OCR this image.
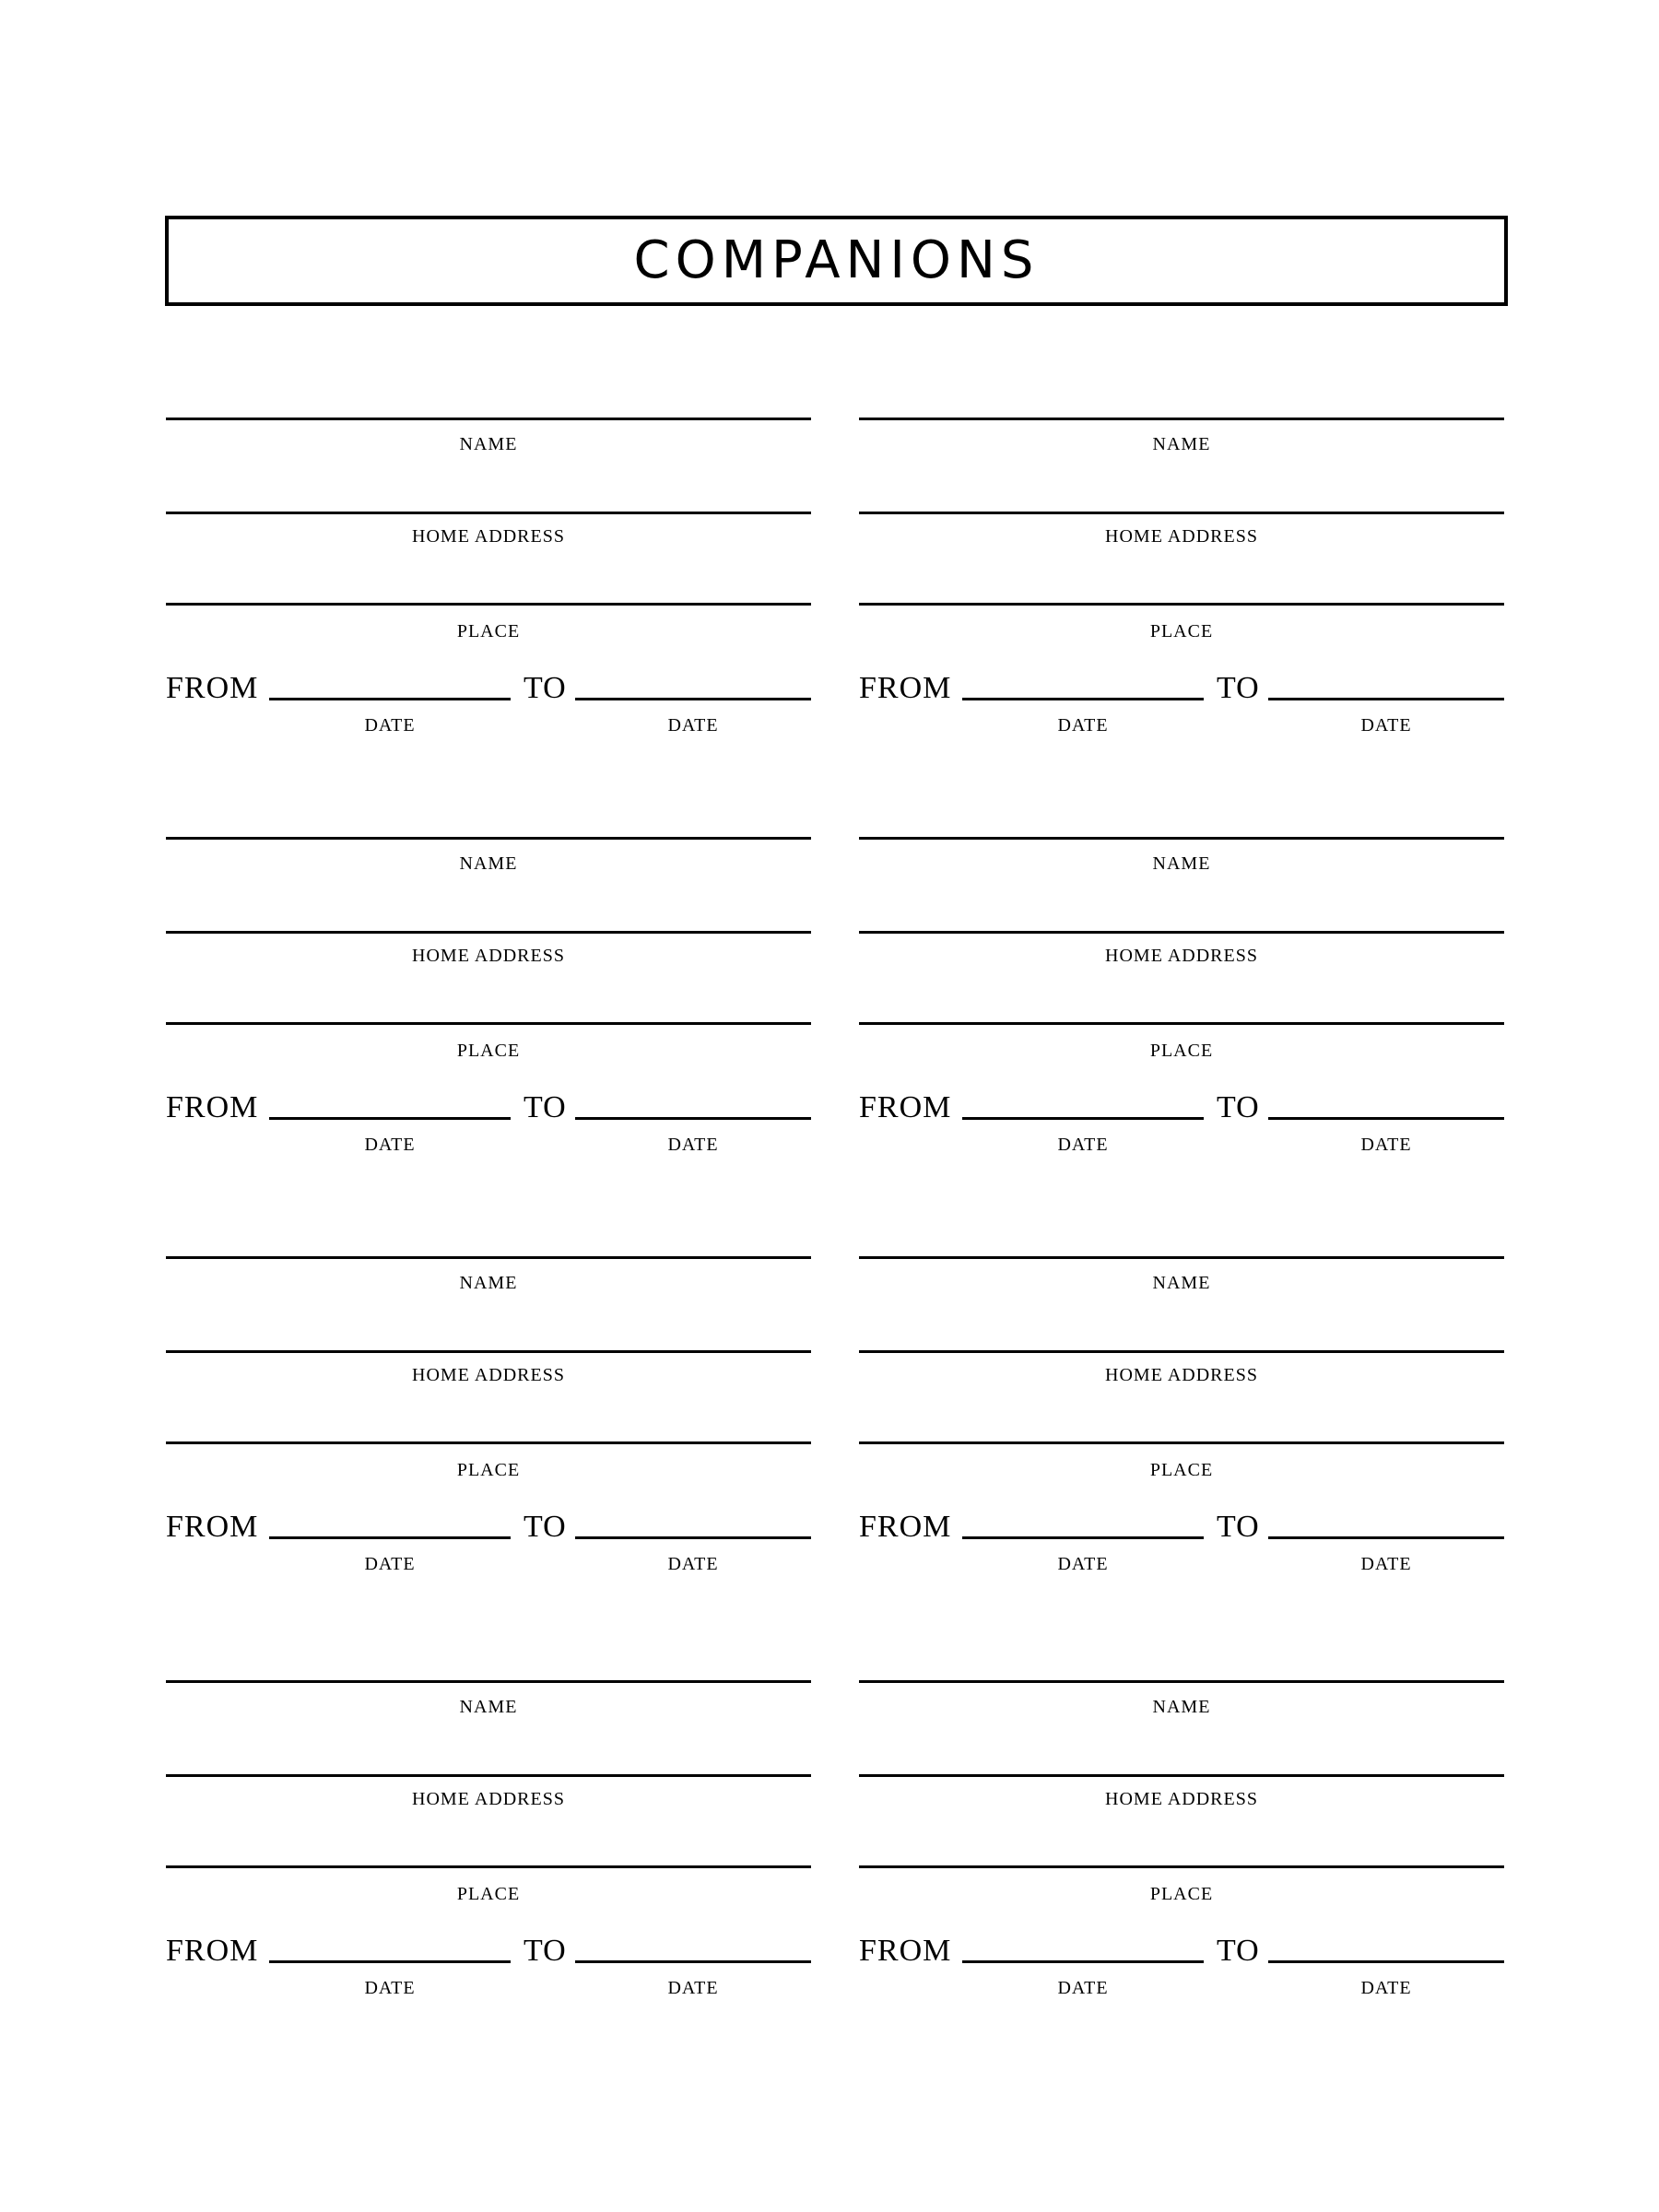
COMPANIONS
NAME
HOME ADDRESS
PLACE
FROM	TO
DATE	DATE
NAME
HOME ADDRESS
PLACE
FROM	TO
DATE	DATE
NAME
HOME ADDRESS
PLACE
FROM	TO
DATE	DATE
NAME
HOME ADDRESS
PLACE
FROM	TO
DATE	DATE
NAME
HOME ADDRESS
PLACE
FROM	TO
DATE	DATE
NAME
HOME ADDRESS
PLACE
FROM	TO
DATE	DATE
NAME
HOME ADDRESS
PLACE
FROM	TO
DATE	DATE
NAME
HOME ADDRESS
PLACE
FROM	TO
DATE	DATE
